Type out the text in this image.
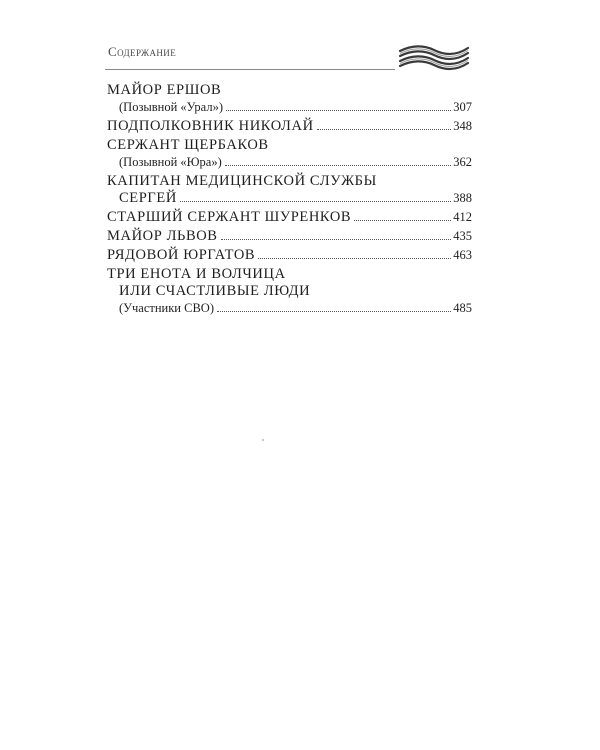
Содержание
МАЙОР ЕРШОВ
(Позывной «Урал»)	307
ПОДПОЛКОВНИК НИКОЛАЙ	348
СЕРЖАНТ ЩЕРБАКОВ
(Позывной «Юра»)	362
КАПИТАН МЕДИЦИНСКОЙ СЛУЖБЫ
СЕРГЕЙ	388
СТАРШИЙ СЕРЖАНТ ШУРЕНКОВ	412
МАЙОР ЛЬВОВ	435
РЯДОВОЙ ЮРГАТОВ	463
ТРИ ЕНОТА И ВОЛЧИЦА
ИЛИ СЧАСТЛИВЫЕ ЛЮДИ
(Участники СВО)	485
